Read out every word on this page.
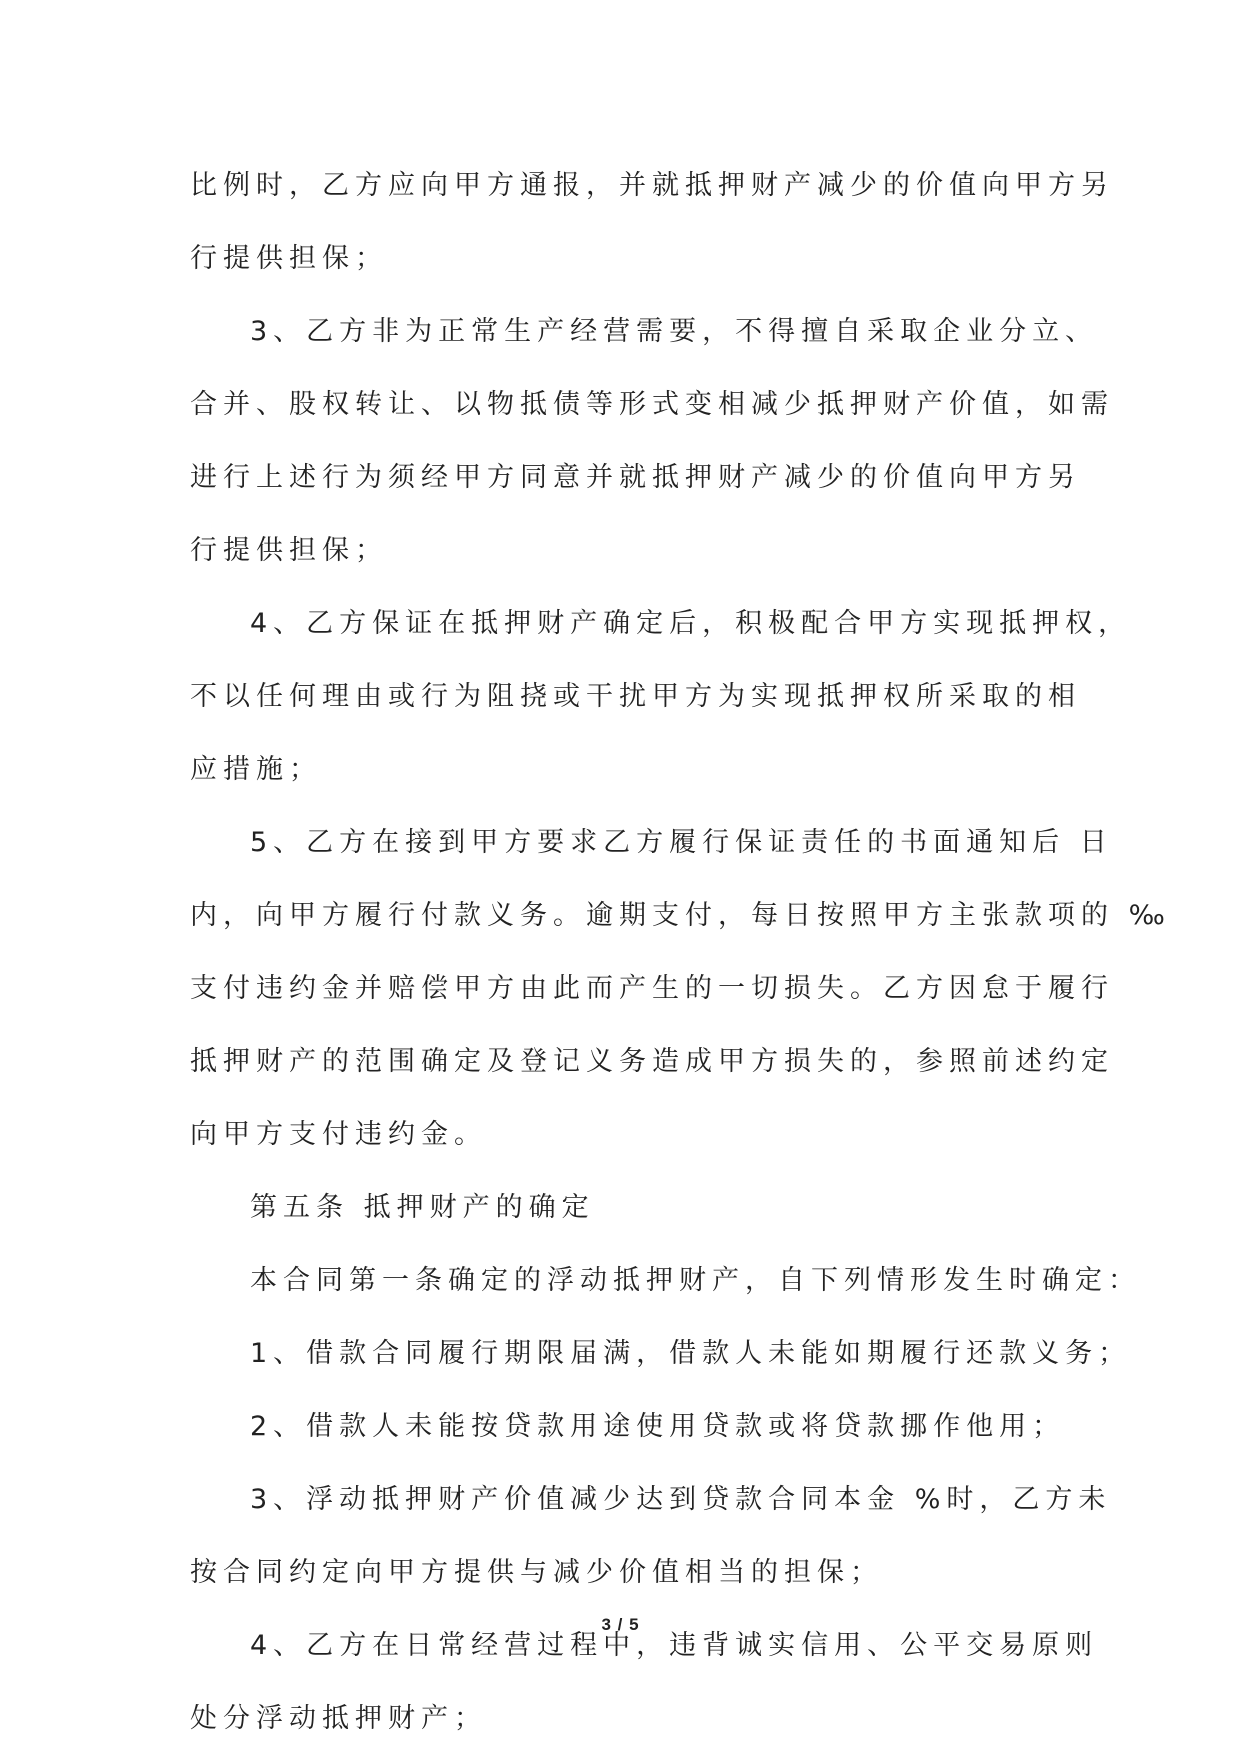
比例时，乙方应向甲方通报，并就抵押财产减少的价值向甲方另
行提供担保；
3、乙方非为正常生产经营需要，不得擅自采取企业分立、
合并、股权转让、以物抵债等形式变相减少抵押财产价值，如需
进行上述行为须经甲方同意并就抵押财产减少的价值向甲方另
行提供担保；
4、乙方保证在抵押财产确定后，积极配合甲方实现抵押权，
不以任何理由或行为阻挠或干扰甲方为实现抵押权所采取的相
应措施；
5、乙方在接到甲方要求乙方履行保证责任的书面通知后 日
内，向甲方履行付款义务。逾期支付，每日按照甲方主张款项的 ‰
支付违约金并赔偿甲方由此而产生的一切损失。乙方因怠于履行
抵押财产的范围确定及登记义务造成甲方损失的，参照前述约定
向甲方支付违约金。
第五条 抵押财产的确定
本合同第一条确定的浮动抵押财产，自下列情形发生时确定：
1、借款合同履行期限届满，借款人未能如期履行还款义务；
2、借款人未能按贷款用途使用贷款或将贷款挪作他用；
3、浮动抵押财产价值减少达到贷款合同本金 %时，乙方未
按合同约定向甲方提供与减少价值相当的担保；
4、乙方在日常经营过程中，违背诚实信用、公平交易原则
处分浮动抵押财产；
3 / 5
